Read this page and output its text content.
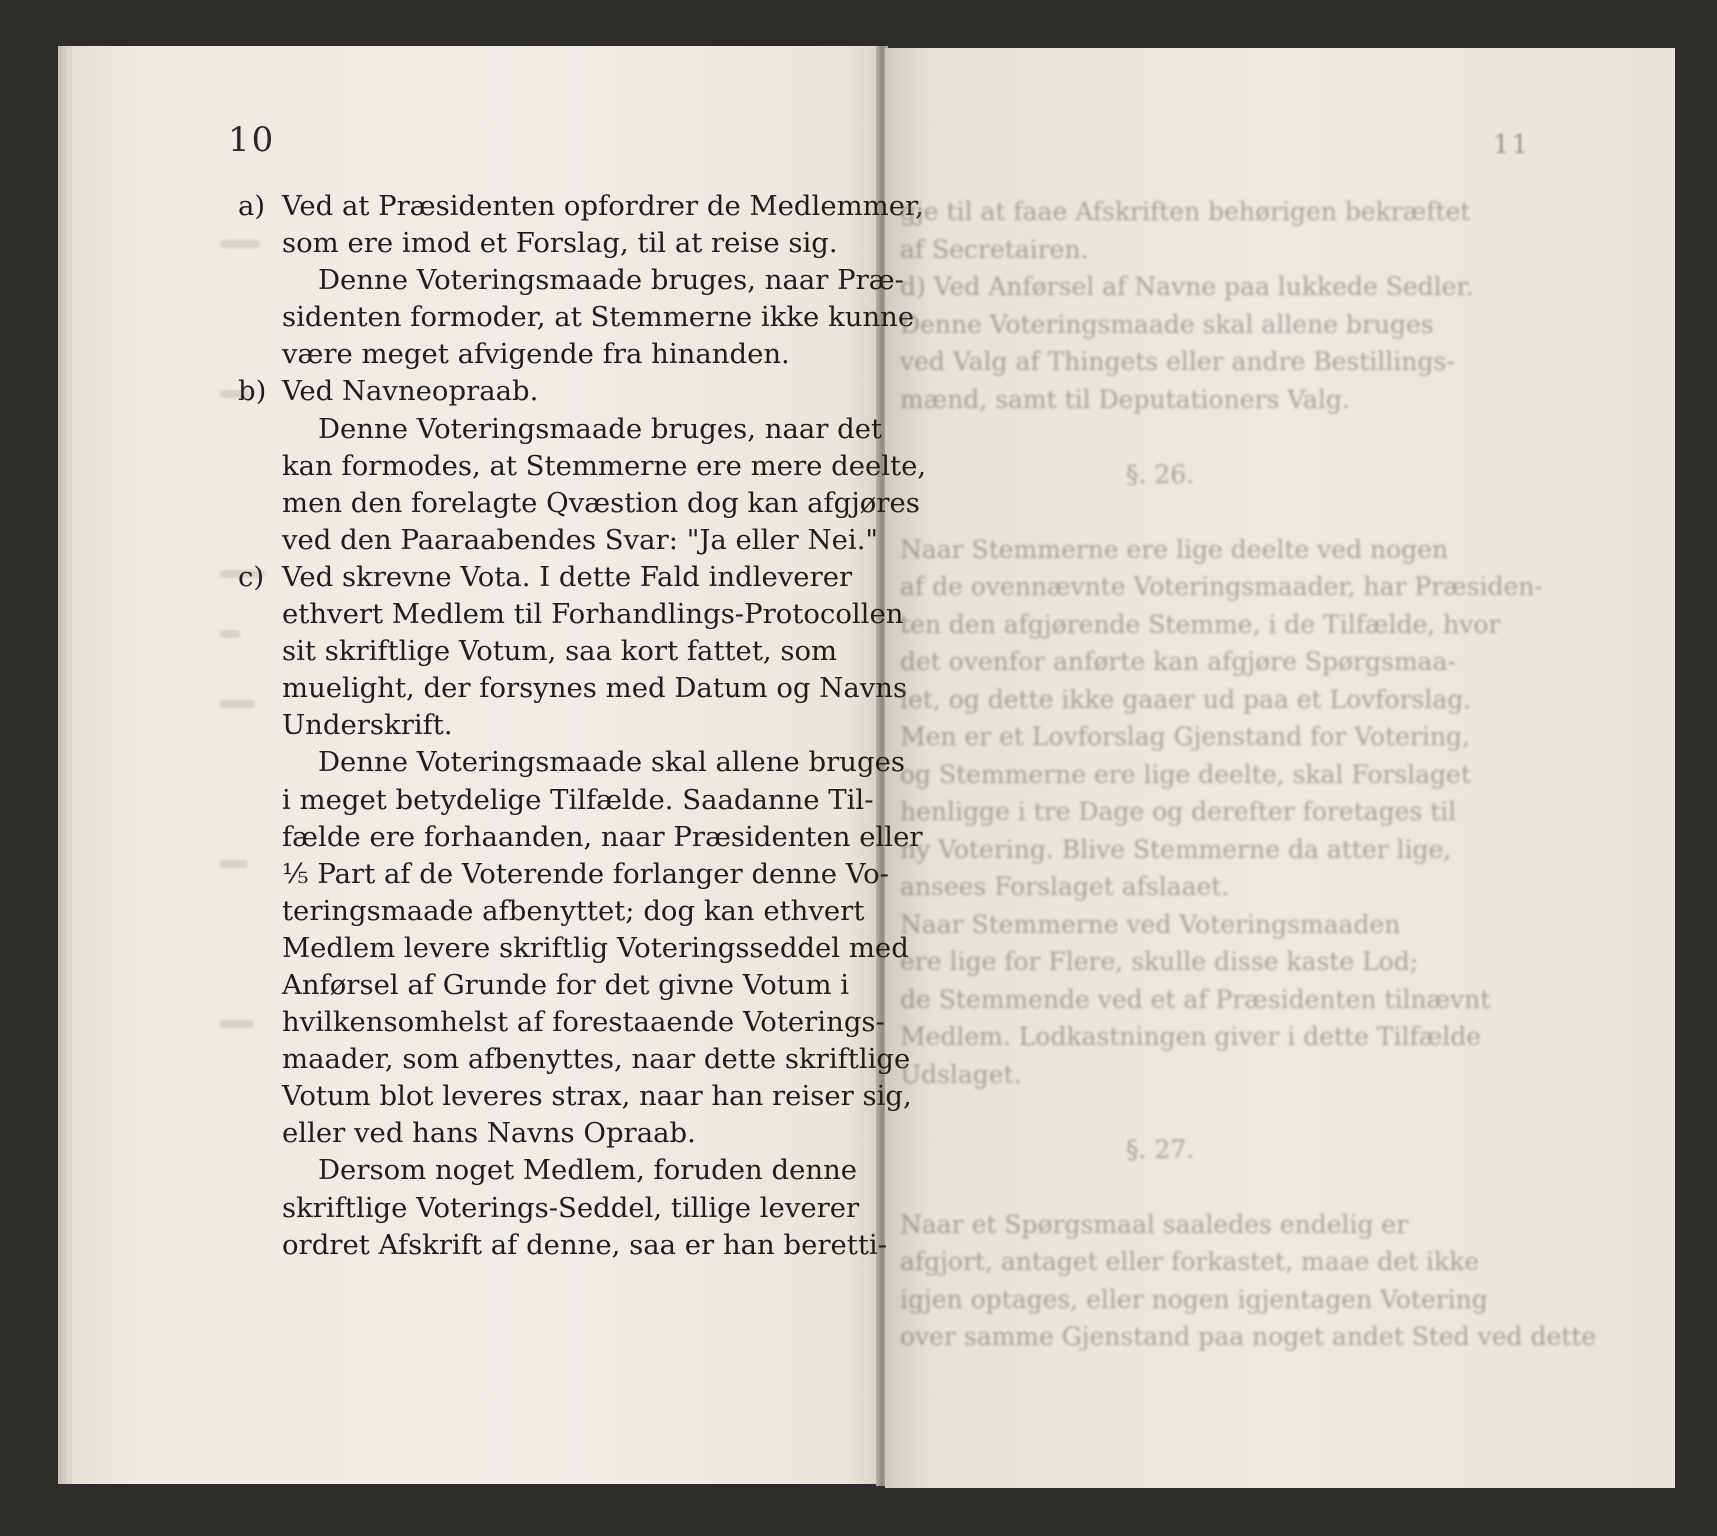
10	11
a) Ved at Præsidenten opfordrer de Medlemmer,
som ere imod et Forslag, til at reise sig.
Denne Voteringsmaade bruges, naar Præ-
sidenten formoder, at Stemmerne ikke kunne
være meget afvigende fra hinanden.
b) Ved Navneopraab.
Denne Voteringsmaade bruges, naar det
kan formodes, at Stemmerne ere mere deelte,
men den forelagte Qvæstion dog kan afgjøres
ved den Paaraabendes Svar: "Ja eller Nei."
c) Ved skrevne Vota. I dette Fald indleverer
ethvert Medlem til Forhandlings-Protocollen
sit skriftlige Votum, saa kort fattet, som
muelight, der forsynes med Datum og Navns
Underskrift.
Denne Voteringsmaade skal allene bruges
i meget betydelige Tilfælde. Saadanne Til-
fælde ere forhaanden, naar Præsidenten eller
⅕ Part af de Voterende forlanger denne Vo-
teringsmaade afbenyttet; dog kan ethvert
Medlem levere skriftlig Voteringsseddel med
Anførsel af Grunde for det givne Votum i
hvilkensomhelst af forestaaende Voterings-
maader, som afbenyttes, naar dette skriftlige
Votum blot leveres strax, naar han reiser sig,
eller ved hans Navns Opraab.
Dersom noget Medlem, foruden denne
skriftlige Voterings-Seddel, tillige leverer
ordret Afskrift af denne, saa er han beretti-
gje til at faae Afskriften behørigen bekræftet
af Secretairen.
d) Ved Anførsel af Navne paa lukkede Sedler.
Denne Voteringsmaade skal allene bruges
ved Valg af Thingets eller andre Bestillings-
mænd, samt til Deputationers Valg.
§. 26.
Naar Stemmerne ere lige deelte ved nogen
af de ovennævnte Voteringsmaader, har Præsiden-
ten den afgjørende Stemme, i de Tilfælde, hvor
det ovenfor anførte kan afgjøre Spørgsmaa-
let, og dette ikke gaaer ud paa et Lovforslag.
Men er et Lovforslag Gjenstand for Votering,
og Stemmerne ere lige deelte, skal Forslaget
henligge i tre Dage og derefter foretages til
ny Votering. Blive Stemmerne da atter lige,
ansees Forslaget afslaaet.
Naar Stemmerne ved Voteringsmaaden
ere lige for Flere, skulle disse kaste Lod;
de Stemmende ved et af Præsidenten tilnævnt
Medlem. Lodkastningen giver i dette Tilfælde
Udslaget.
§. 27.
Naar et Spørgsmaal saaledes endelig er
afgjort, antaget eller forkastet, maae det ikke
igjen optages, eller nogen igjentagen Votering
over samme Gjenstand paa noget andet Sted ved dette
